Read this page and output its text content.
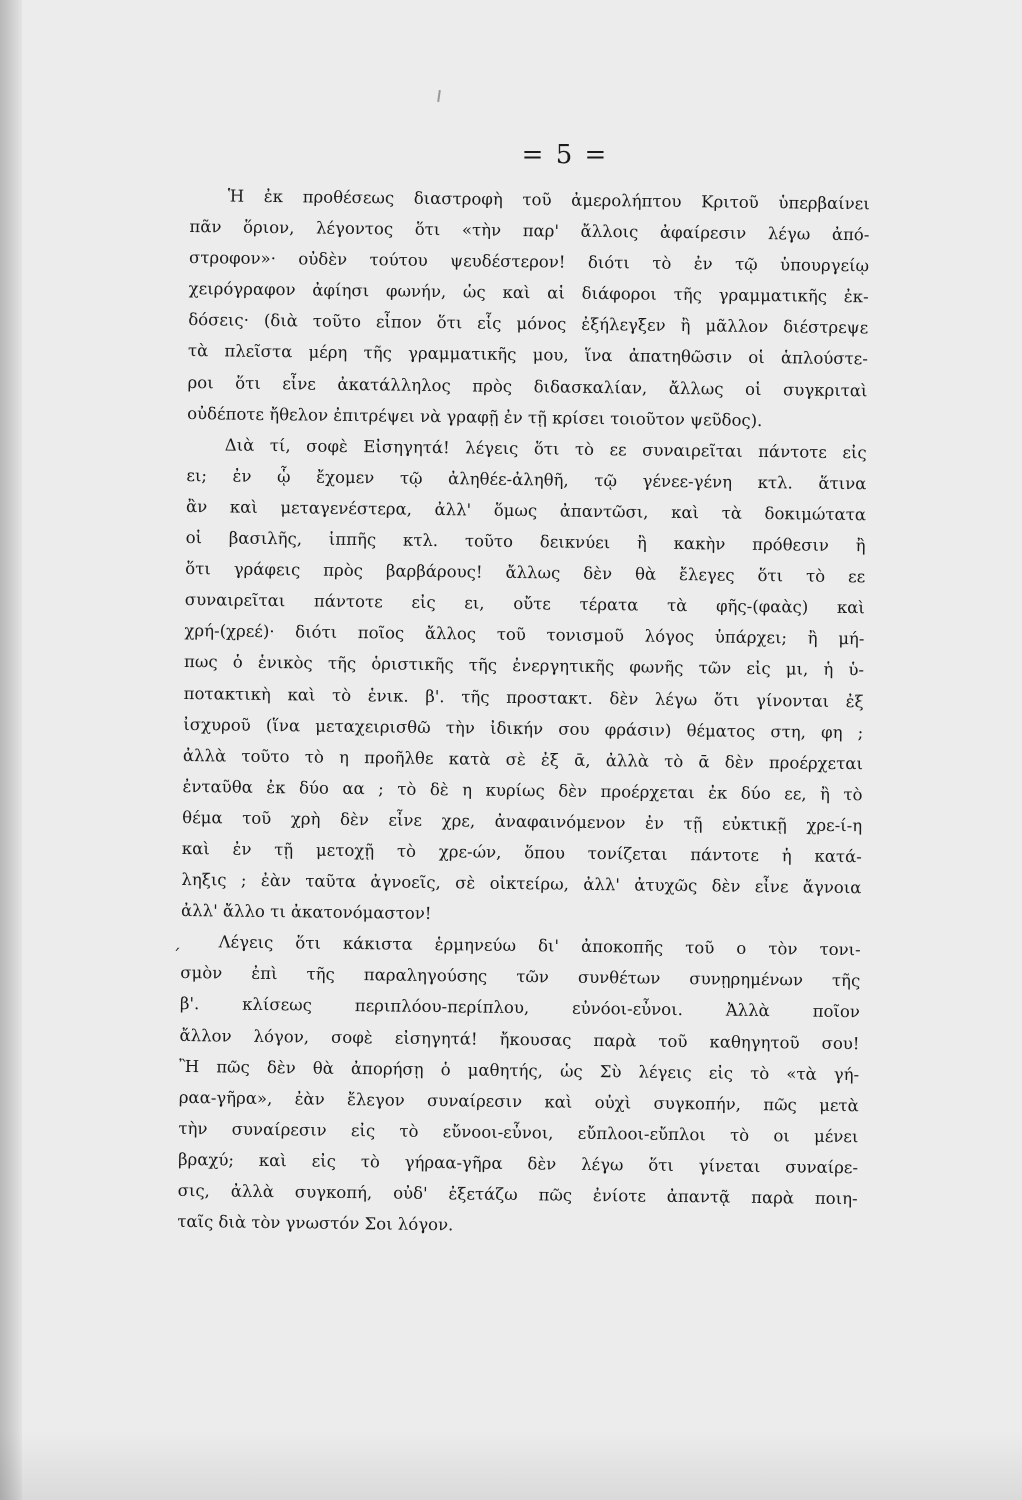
= 5 =
´
Ἡ ἐκ προθέσεως διαστροφὴ τοῦ ἀμερολήπτου Κριτοῦ ὑπερβαίνει
πᾶν ὅριον, λέγοντος ὅτι «τὴν παρ' ἄλλοις ἀφαίρεσιν λέγω ἀπό-
στροφον»· οὐδὲν τούτου ψευδέστερον! διότι τὸ ἐν τῷ ὑπουργείῳ
χειρόγραφον ἀφίησι φωνήν, ὡς καὶ αἱ διάφοροι τῆς γραμματικῆς ἐκ-
δόσεις· (διὰ τοῦτο εἶπον ὅτι εἷς μόνος ἐξήλεγξεν ἢ μᾶλλον διέστρεψε
τὰ πλεῖστα μέρη τῆς γραμματικῆς μου, ἵνα ἀπατηθῶσιν οἱ ἁπλούστε-
ροι ὅτι εἶνε ἀκατάλληλος πρὸς διδασκαλίαν, ἄλλως οἱ συγκριταὶ
οὐδέποτε ἤθελον ἐπιτρέψει νὰ γραφῇ ἐν τῇ κρίσει τοιοῦτον ψεῦδος).
Διὰ τί, σοφὲ Εἰσηγητά! λέγεις ὅτι τὸ εε συναιρεῖται πάντοτε εἰς
ει; ἐν ᾧ ἔχομεν τῷ ἀληθέε-ἀληθῆ, τῷ γένεε-γένη κτλ. ἅτινα
ἂν καὶ μεταγενέστερα, ἀλλ' ὅμως ἀπαντῶσι, καὶ τὰ δοκιμώτατα
οἱ βασιλῆς, ἱππῆς κτλ. τοῦτο δεικνύει ἢ κακὴν πρόθεσιν ἢ
ὅτι γράφεις πρὸς βαρβάρους! ἄλλως δὲν θὰ ἔλεγες ὅτι τὸ εε
συναιρεῖται πάντοτε εἰς ει, οὔτε τέρατα τὰ φῆς-(φαὰς) καὶ
χρή-(χρεέ)· διότι ποῖος ἄλλος τοῦ τονισμοῦ λόγος ὑπάρχει; ἢ μή-
πως ὁ ἑνικὸς τῆς ὁριστικῆς τῆς ἐνεργητικῆς φωνῆς τῶν εἰς μι, ἡ ὑ-
ποτακτικὴ καὶ τὸ ἑνικ. β'. τῆς προστακτ. δὲν λέγω ὅτι γίνονται ἐξ
ἰσχυροῦ (ἵνα μεταχειρισθῶ τὴν ἰδικήν σου φράσιν) θέματος στη, φη ;
ἀλλὰ τοῦτο τὸ η προῆλθε κατὰ σὲ ἐξ ᾱ, ἀλλὰ τὸ ᾱ δὲν προέρχεται
ἐνταῦθα ἐκ δύο αα ; τὸ δὲ η κυρίως δὲν προέρχεται ἐκ δύο εε, ἢ τὸ
θέμα τοῦ χρὴ δὲν εἶνε χρε, ἀναφαινόμενον ἐν τῇ εὐκτικῇ χρε-ί-η
καὶ ἐν τῇ μετοχῇ τὸ χρε-ών, ὅπου τονίζεται πάντοτε ἡ κατά-
ληξις ; ἐὰν ταῦτα ἀγνοεῖς, σὲ οἰκτείρω, ἀλλ' ἀτυχῶς δὲν εἶνε ἄγνοια
ἀλλ' ἄλλο τι ἀκατονόμαστον!
Λέγεις ὅτι κάκιστα ἑρμηνεύω δι' ἀποκοπῆς τοῦ ο τὸν τονι-
σμὸν ἐπὶ τῆς παραληγούσης τῶν συνθέτων συνῃρημένων τῆς
β'. κλίσεως περιπλόου-περίπλου, εὐνόοι-εὖνοι. Ἀλλὰ ποῖον
ἄλλον λόγον, σοφὲ εἰσηγητά! ἤκουσας παρὰ τοῦ καθηγητοῦ σου!
Ἢ πῶς δὲν θὰ ἀπορήσῃ ὁ μαθητής, ὡς Σὺ λέγεις εἰς τὸ «τὰ γή-
ραα-γῆρα», ἐὰν ἔλεγον συναίρεσιν καὶ οὐχὶ συγκοπήν, πῶς μετὰ
τὴν συναίρεσιν εἰς τὸ εὔνοοι-εὖνοι, εὔπλοοι-εὔπλοι τὸ οι μένει
βραχύ; καὶ εἰς τὸ γήραα-γῆρα δὲν λέγω ὅτι γίνεται συναίρε-
σις, ἀλλὰ συγκοπή, οὐδ' ἐξετάζω πῶς ἐνίοτε ἀπαντᾷ παρὰ ποιη-
ταῖς διὰ τὸν γνωστόν Σοι λόγον.
